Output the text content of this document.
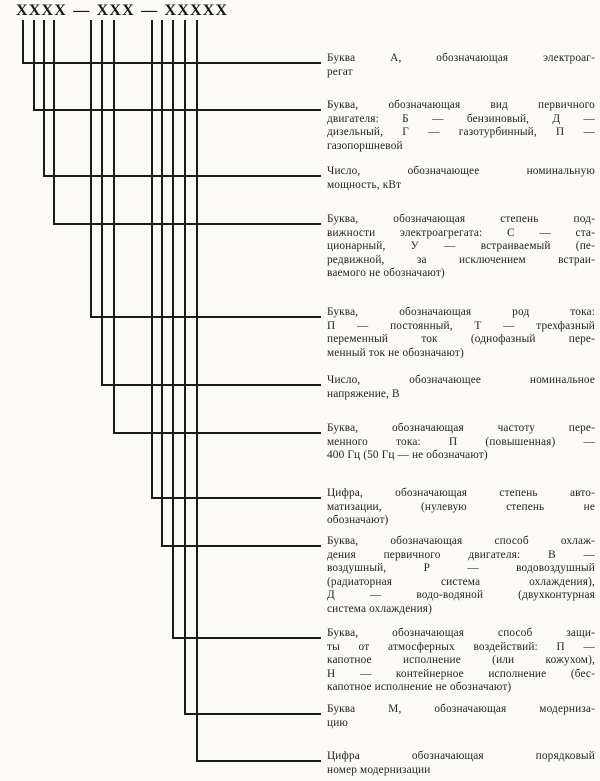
XXXX — XXX — XXXXX
Буква А, обозначающая электроаг-
регат
Буква, обозначающая вид первичного
двигателя: Б — бензиновый, Д —
дизельный, Г — газотурбинный, П —
газопоршневой
Число, обозначающее номинальную
мощность, кВт
Буква, обозначающая степень под-
вижности электроагрегата: С — ста-
ционарный, У — встраиваемый (пе-
редвижной, за исключением встраи-
ваемого не обозначают)
Буква, обозначающая род тока:
П — постоянный, Т — трехфазный
переменный ток (однофазный пере-
менный ток не обозначают)
Число, обозначающее номинальное
напряжение, В
Буква, обозначающая частоту пере-
менного тока: П (повышенная) —
400 Гц (50 Гц — не обозначают)
Цифра, обозначающая степень авто-
матизации, (нулевую степень не
обозначают)
Буква, обозначающая способ охлаж-
дения первичного двигателя: В —
воздушный, Р — водовоздушный
(радиаторная система охлаждения),
Д — водо-водяной (двухконтурная
система охлаждения)
Буква, обозначающая способ защи-
ты от атмосферных воздействий: П —
капотное исполнение (или кожухом),
Н — контейнерное исполнение (бес-
капотное исполнение не обозначают)
Буква М, обозначающая модерниза-
цию
Цифра обозначающая порядковый
номер модернизации
